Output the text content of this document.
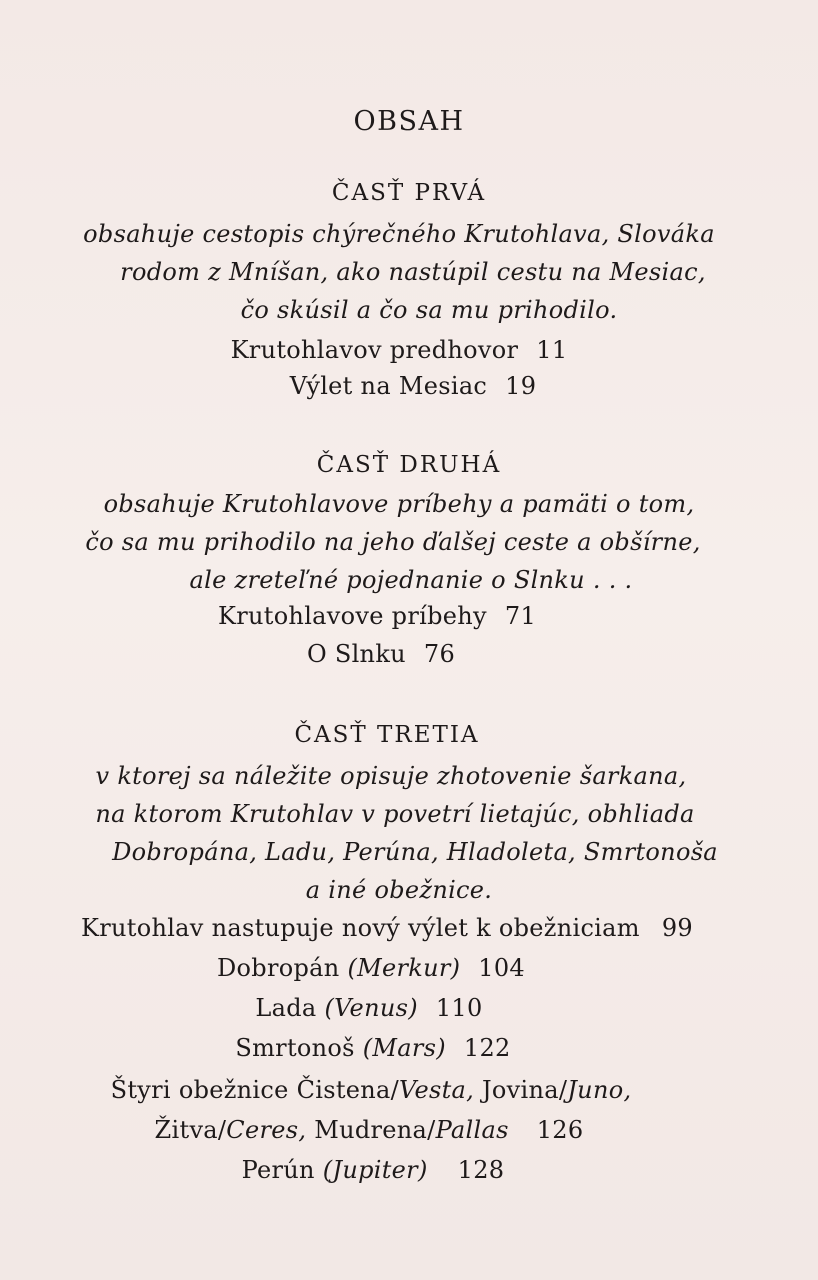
OBSAH
ČASŤ PRVÁ
obsahuje cestopis chýrečného Krutohlava, Slováka
rodom z Mníšan, ako nastúpil cestu na Mesiac,
čo skúsil a čo sa mu prihodilo.
Krutohlavov predhovor 11
Výlet na Mesiac 19
ČASŤ DRUHÁ
obsahuje Krutohlavove príbehy a pamäti o tom,
čo sa mu prihodilo na jeho ďalšej ceste a obšírne,
ale zreteľné pojednanie o Slnku . . .
Krutohlavove príbehy 71
O Slnku 76
ČASŤ TRETIA
v ktorej sa náležite opisuje zhotovenie šarkana,
na ktorom Krutohlav v povetrí lietajúc, obhliada
Dobropána, Ladu, Perúna, Hladoleta, Smrtonoša
a iné obežnice.
Krutohlav nastupuje nový výlet k obežniciam 99
Dobropán (Merkur) 104
Lada (Venus) 110
Smrtonoš (Mars) 122
Štyri obežnice Čistena/Vesta, Jovina/Juno,
Žitva/Ceres, Mudrena/Pallas 126
Perún (Jupiter) 128
